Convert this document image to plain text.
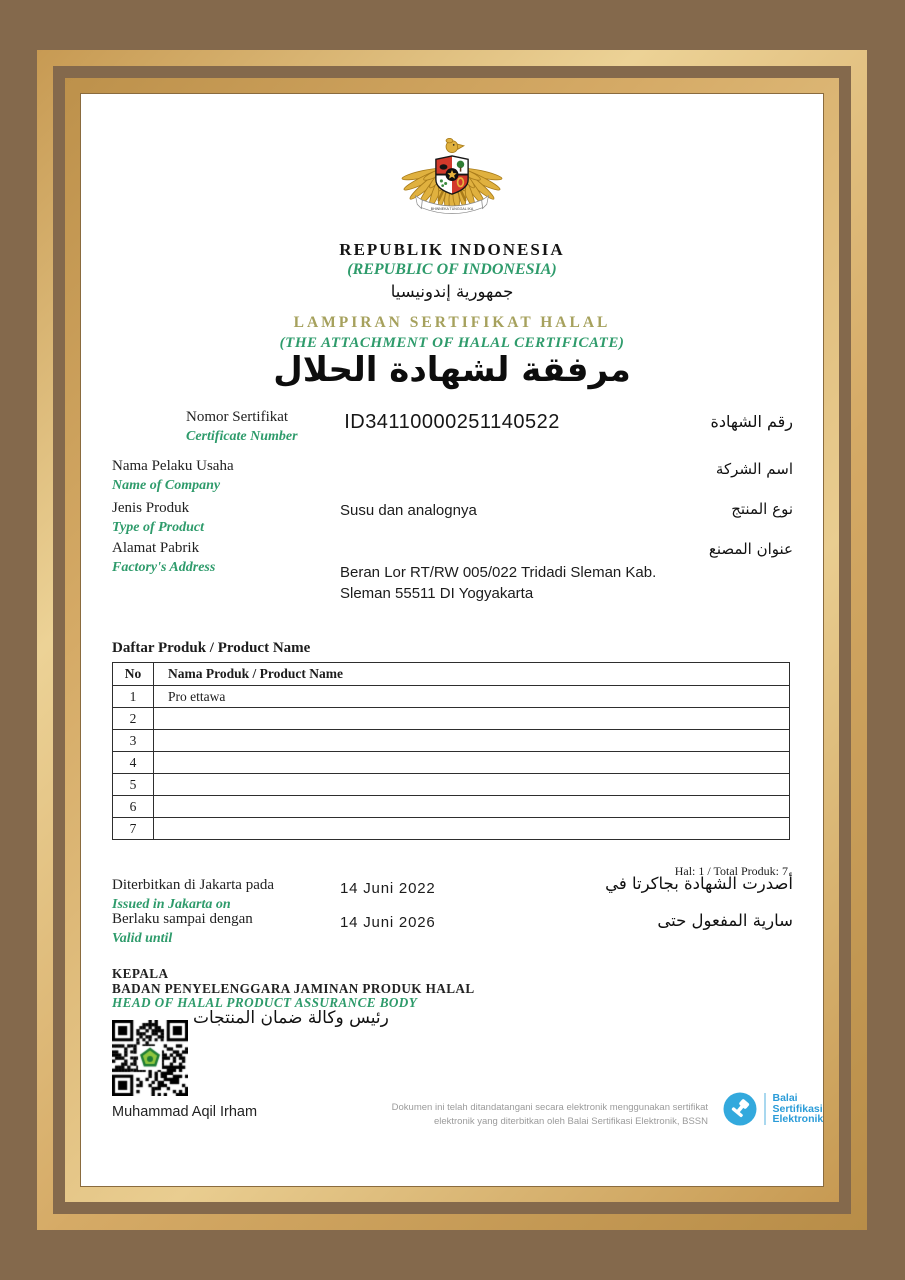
BHINNEKA TUNGGAL IKA
REPUBLIK INDONESIA
(REPUBLIC OF INDONESIA)
جمهورية إندونيسيا
LAMPIRAN SERTIFIKAT HALAL
(THE ATTACHMENT OF HALAL CERTIFICATE)
مرفقة لشهادة الحلال
Nomor Sertifikat
Certificate Number
ID34110000251140522	رقم الشهادة
Nama Pelaku Usaha
Name of Company
اسم الشركة
Jenis Produk
Type of Product
Susu dan analognya	نوع المنتج
Alamat Pabrik
Factory's Address	Beran Lor RT/RW 005/022 Tridadi Sleman Kab.
Sleman 55511 DI Yogyakarta
عنوان المصنع
Daftar Produk / Product Name
No	Nama Produk / Product Name
1	Pro ettawa
2	
3	
4	
5	
6	
7	
Hal: 1 / Total Produk: 7
Diterbitkan di Jakarta pada
Issued in Jakarta on
14 Juni 2022	أصدرت الشهادة بجاكرتا في
Berlaku sampai dengan
Valid until
14 Juni 2026	سارية المفعول حتى
KEPALA
BADAN PENYELENGGARA JAMINAN PRODUK HALAL
HEAD OF HALAL PRODUCT ASSURANCE BODY
رئيس وكالة ضمان المنتجات
Muhammad Aqil Irham	Dokumen ini telah ditandatangani secara elektronik menggunakan sertifikat
elektronik yang diterbitkan oleh Balai Sertifikasi Elektronik, BSSN
Balai
Sertifikasi
Elektronik
